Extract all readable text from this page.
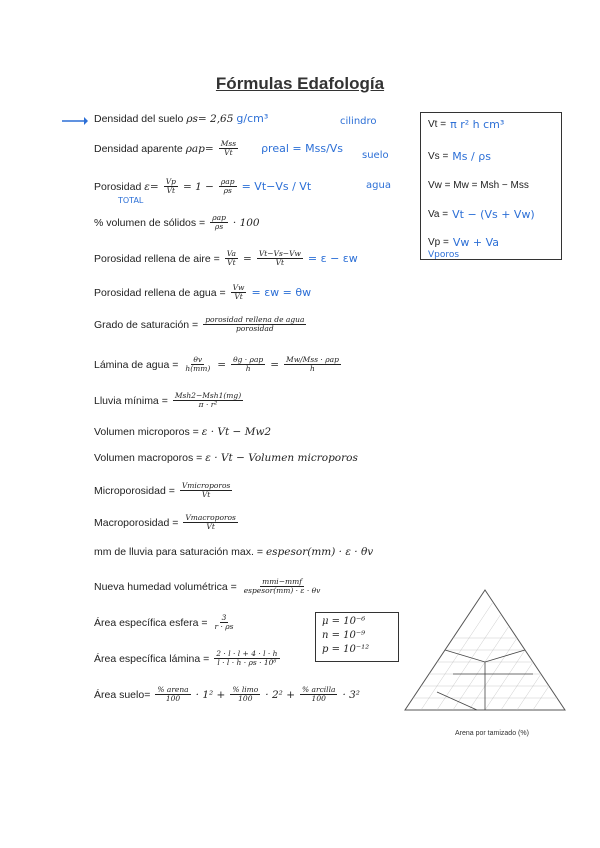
Fórmulas Edafología
Densidad del suelo ρs= 2,65 g/cm³
Densidad aparente $\rho ap= \frac{\text{Mss}}{Vt}$ ρreal = Mss/Vs
Porosidad $\varepsilon= \frac{Vp}{Vt} = 1 - \frac{\text{ρap}}{\rho s} = Vt-Vs / Vt$
TOTAL
% volumen de sólidos = $\frac{\text{ρap}}{\rho s} \cdot 100$
Porosidad rellena de aire = $\frac{Va}{Vt} = \frac{Vt-Vs-Vw}{Vt} = \varepsilon - \varepsilon w$
Porosidad rellena de agua = $\frac{Vw}{Vt} = \varepsilon w = \theta w$
Grado de saturación = $\frac{\text{porosidad rellena de agua}}{\text{porosidad}}$
Lámina de agua = $\frac{\theta v}{h(mm)} = \frac{\text{θg · ρap}}{h} = \frac{\text{Mw/Mss · ρap}}{h}$
Lluvia mínima = $\frac{\text{Msh2−Msh1(mg)}}{\text{π · r²}}$
Volumen microporos = ε · Vt − Mw2
Volumen macroporos = ε · Vt − Volumen microporos
Microporosidad = $\frac{\text{Vmicroporos}}{Vt}$
Macroporosidad = $\frac{\text{Vmacroporos}}{Vt}$
mm de lluvia para saturación max. = espesor(mm) · ε · θv
Nueva humedad volumétrica = $\frac{\text{mmi−mmf}}{\text{espesor(mm) · ε · θv}}$
Área específica esfera = $\frac{3}{r \cdot \rho s}$
Área específica lámina = $\frac{2 \cdot l \cdot l + 4 \cdot l \cdot h}{\text{l · l · h · ρs · 10⁶}}$
Área suelo= $\frac{\text{\% arena}}{100} \cdot 1^2 + \frac{\% \lim o}{100} \cdot 2^2 + \frac{\text{\% arcilla}}{100} \cdot 3^2$
cilindro
suelo
agua
Vt = π r² h cm³
Vs = Ms / ρs
Vw = Mw = Msh − Mss
Va = Vt − (Vs + Vw)
Vp = Vw + Va
Vporos
μ = 10⁻⁶
n = 10⁻⁹
p = 10⁻¹²
Arena por tamizado (%)
